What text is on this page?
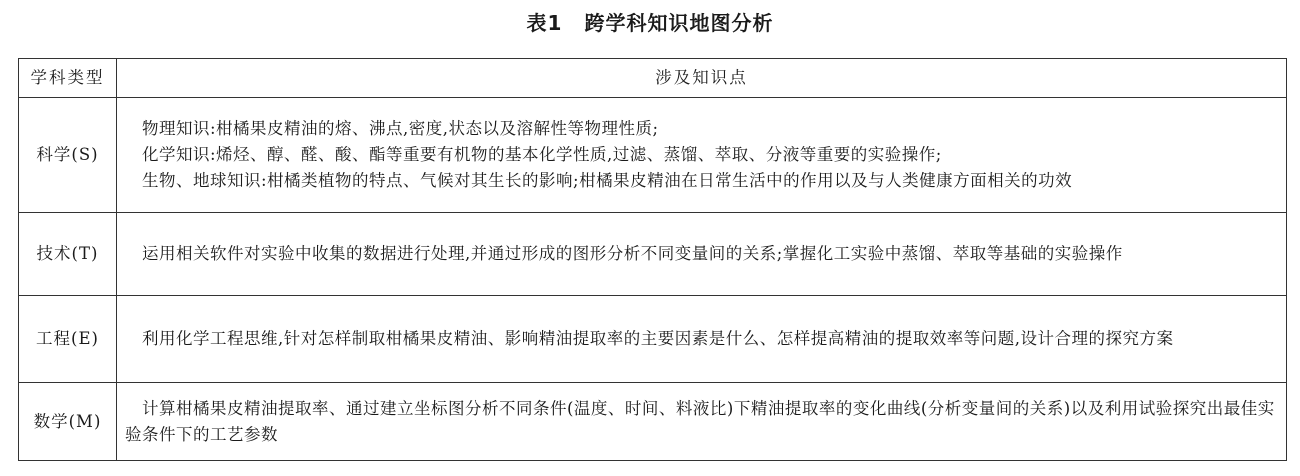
表1 跨学科知识地图分析
学科类型	涉及知识点
科学(S)	物理知识:柑橘果皮精油的熔、沸点,密度,状态以及溶解性等物理性质;
化学知识:烯烃、醇、醛、酸、酯等重要有机物的基本化学性质,过滤、蒸馏、萃取、分液等重要的实验操作;
生物、地球知识:柑橘类植物的特点、气候对其生长的影响;柑橘果皮精油在日常生活中的作用以及与人类健康方面相关的功效

技术(T)	运用相关软件对实验中收集的数据进行处理,并通过形成的图形分析不同变量间的关系;掌握化工实验中蒸馏、萃取等基础的实验操作

工程(E)	利用化学工程思维,针对怎样制取柑橘果皮精油、影响精油提取率的主要因素是什么、怎样提高精油的提取效率等问题,设计合理的探究方案

数学(M)	计算柑橘果皮精油提取率、通过建立坐标图分析不同条件(温度、时间、料液比)下精油提取率的变化曲线(分析变量间的关系)以及利用试验探究出最佳实验条件下的工艺参数
